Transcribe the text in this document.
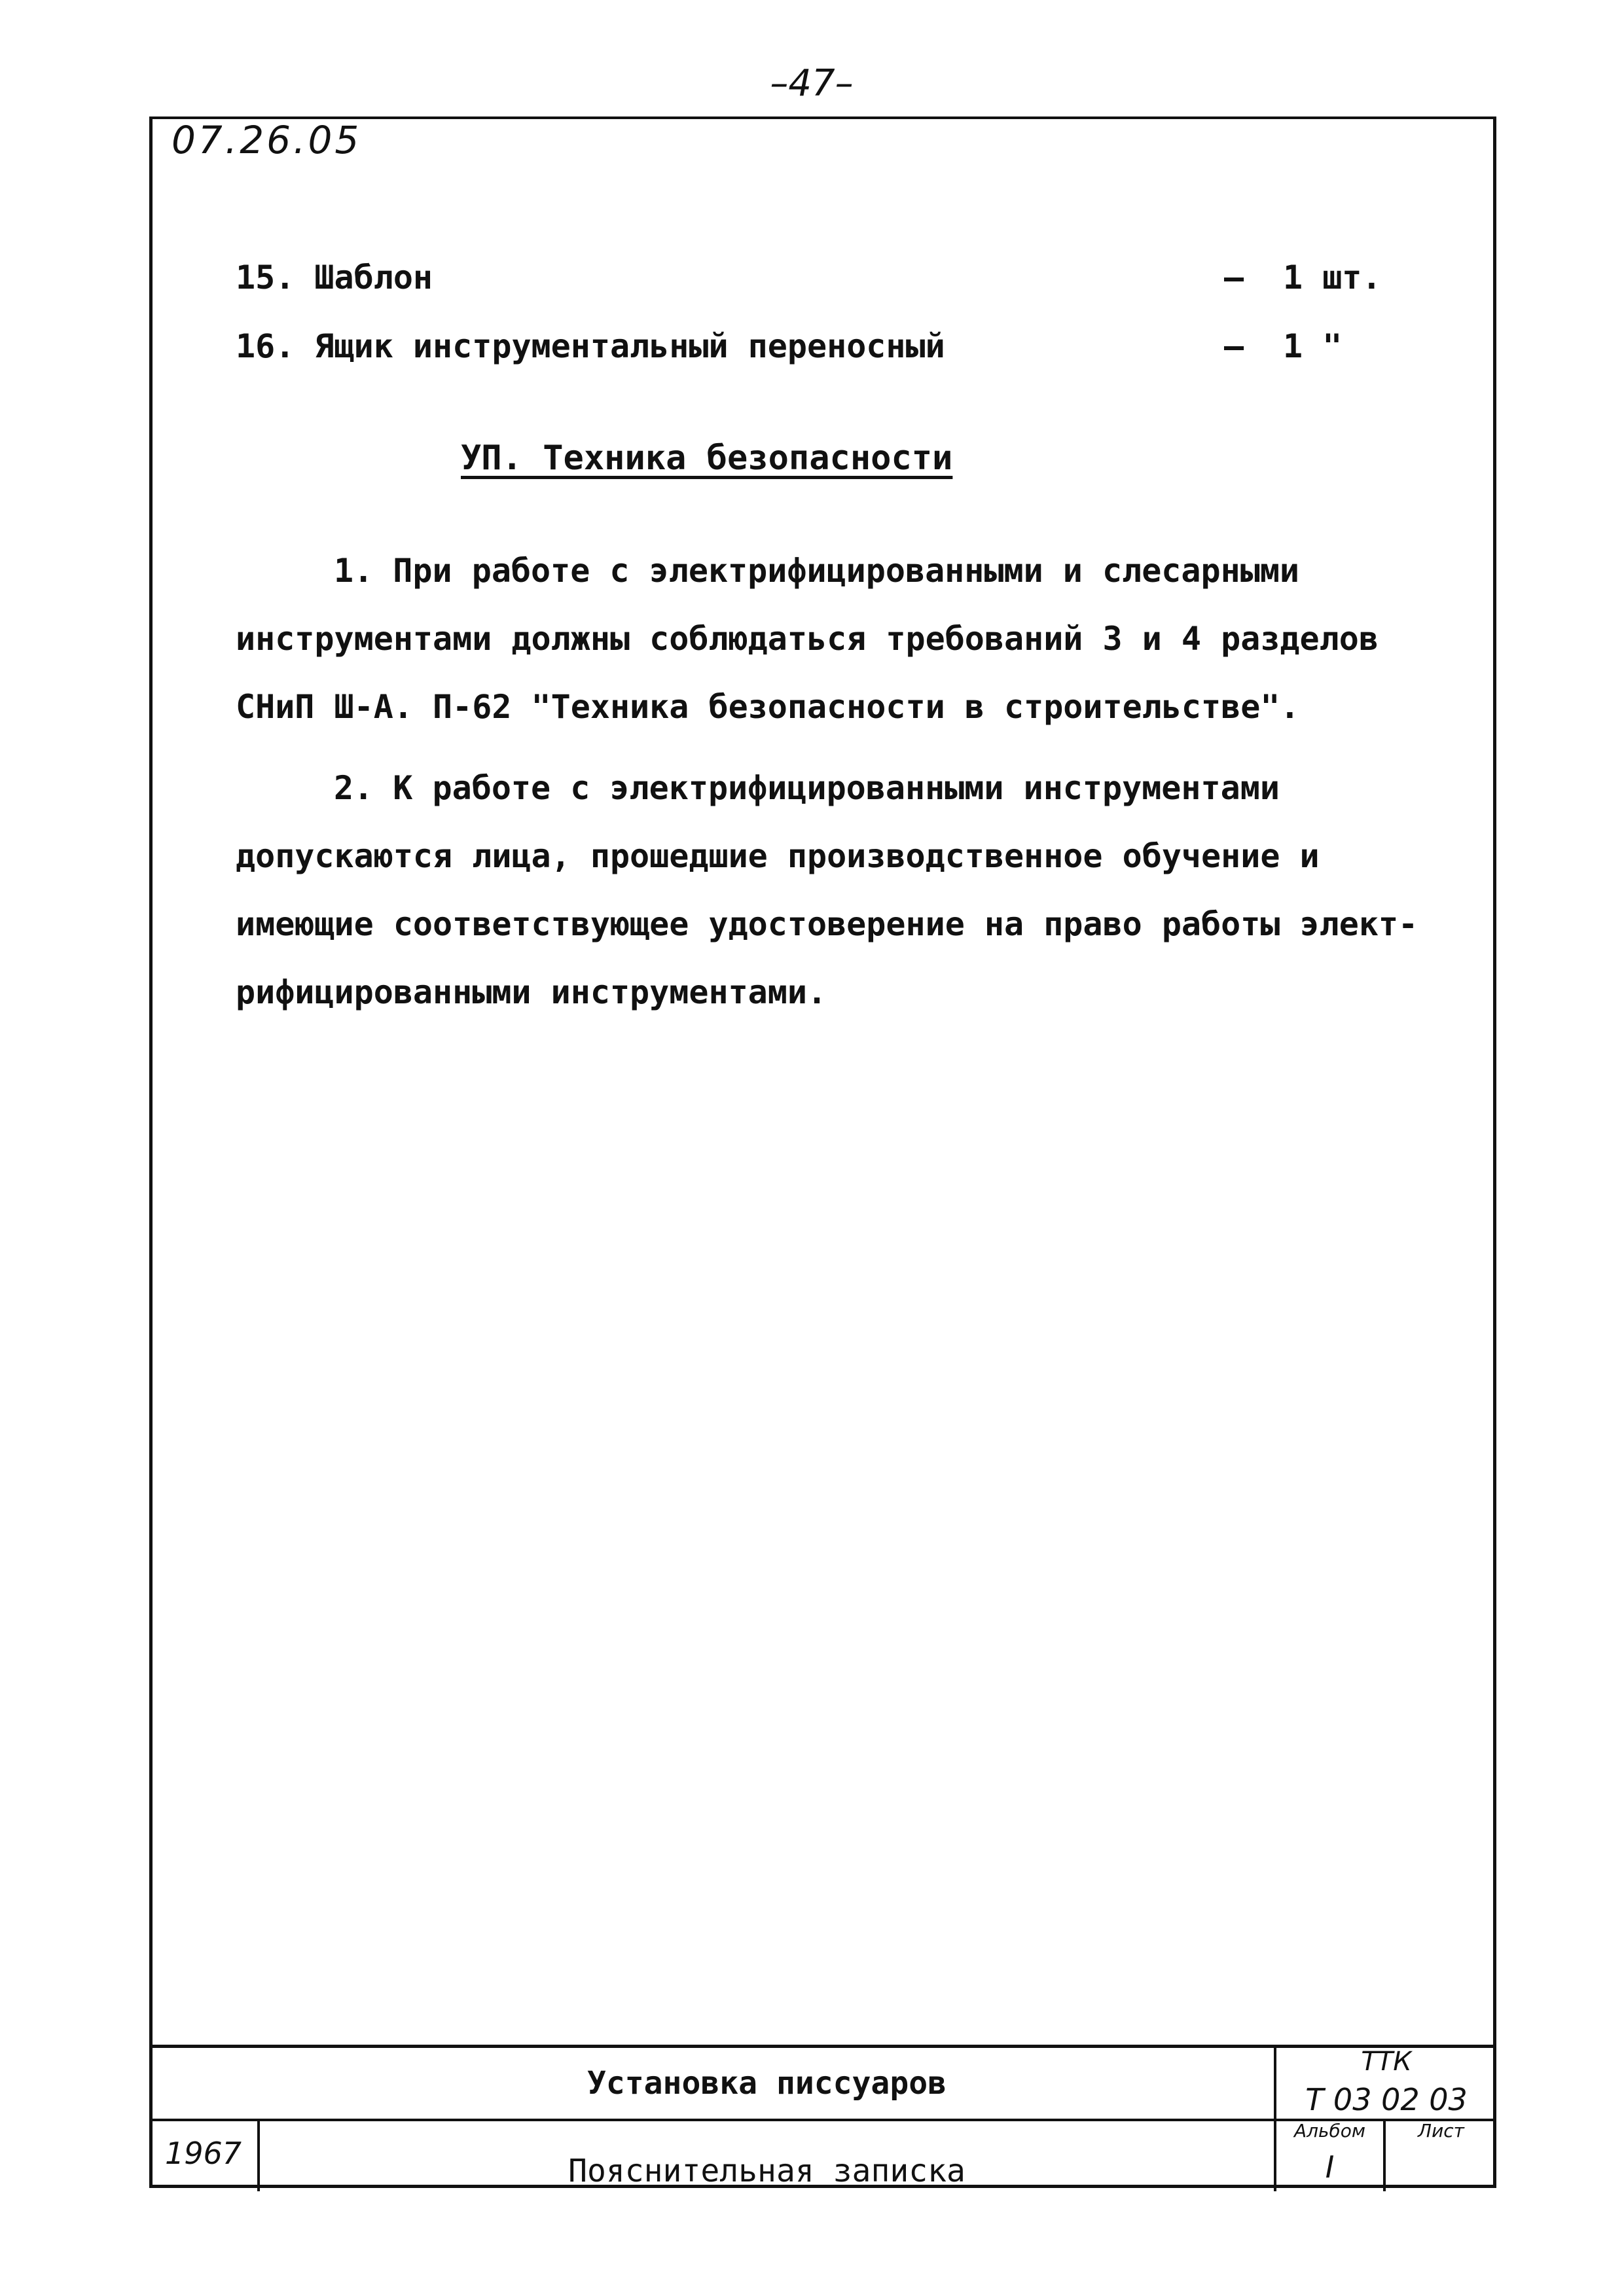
–47–
07.26.05
15. Шаблон	– 1 шт.
16. Ящик инструментальный переносный	– 1 "
УП. Техника безопасности
1. При работе с электрифицированными и слесарными
инструментами должны соблюдаться требований 3 и 4 разделов
СНиП Ш-А. П-62 "Техника безопасности в строительстве".
2. К работе с электрифицированными инструментами
допускаются лица, прошедшие производственное обучение и
имеющие соответствующее удостоверение на право работы элект-
рифицированными инструментами.
Установка писсуаров
ТТК
Т 03 02 03
1967	Пояснительная записка
Альбом
I
Лист
